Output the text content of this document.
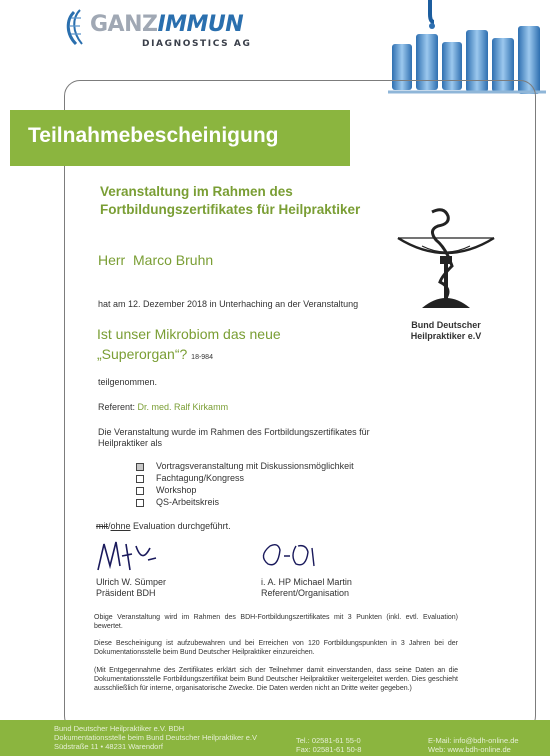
GANZIMMUN
DIAGNOSTICS AG
Teilnahmebescheinigung
Veranstaltung im Rahmen des
Fortbildungszertifikates für Heilpraktiker
Herr  Marco Bruhn
Bund Deutscher
Heilpraktiker e.V
hat am 12. Dezember 2018 in Unterhaching an der Veranstaltung
Ist unser Mikrobiom das neue
„Superorgan“? 18-984
teilgenommen.
Referent: Dr. med. Ralf Kirkamm
Die Veranstaltung wurde im Rahmen des Fortbildungszertifikates für
Heilpraktiker als
Vortragsveranstaltung mit Diskussionsmöglichkeit
Fachtagung/Kongress
Workshop
QS-Arbeitskreis
mit/ohne Evaluation durchgeführt.
Ulrich W. Sümper
Präsident BDH
i. A. HP Michael Martin
Referent/Organisation
Obige Veranstaltung wird im Rahmen des BDH-Fortbildungszertifikates mit 3 Punkten (inkl. evtl. Evaluation) bewertet.
Diese Bescheinigung ist aufzubewahren und bei Erreichen von 120 Fortbildungspunkten in 3 Jahren bei der Dokumentationsstelle beim Bund Deutscher Heilpraktiker einzureichen.
(Mit Entgegennahme des Zertifikates erklärt sich der Teilnehmer damit einverstanden, dass seine Daten an die Dokumentationsstelle Fortbildungszertifikat beim Bund Deutscher Heilpraktiker weitergeleitet werden. Dies geschieht ausschließlich für interne, organisatorische Zwecke. Die Daten werden nicht an Dritte weiter gegeben.)
Bund Deutscher Heilpraktiker e.V. BDH
Dokumentationsstelle beim Bund Deutscher Heilpraktiker e.V
Südstraße 11 • 48231 Warendorf
Tel.: 02581-61 55-0
Fax: 02581-61 50-8
E-Mail: info@bdh-online.de
Web: www.bdh-online.de
